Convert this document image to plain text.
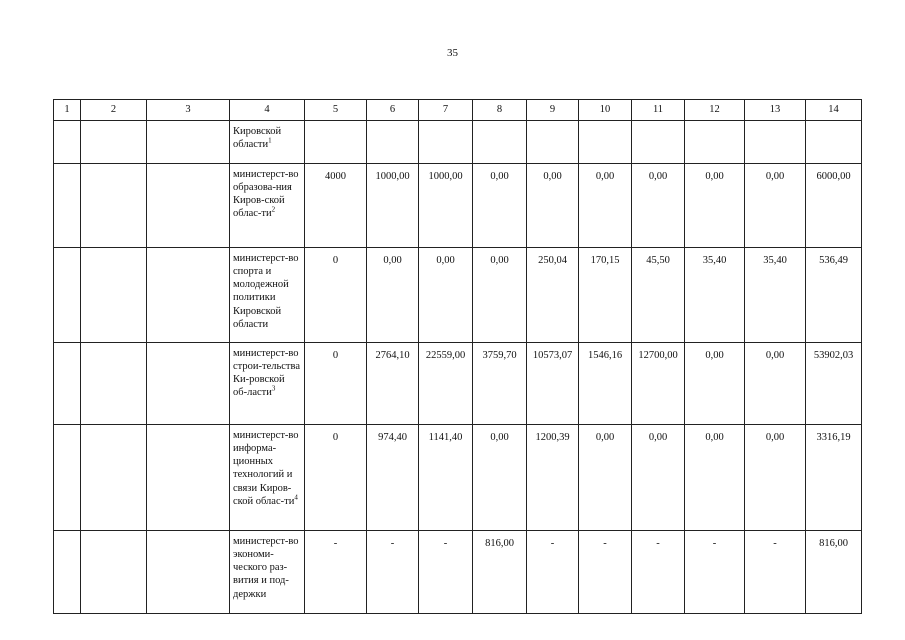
35
1	2	3	4	5	6	7	8	9	10	11	12	13	14
			Кировской области$^1$										
			министерст-во образова-ния Киров-ской облас-ти$^2$	4000	1000,00	1000,00	0,00	0,00	0,00	0,00	0,00	0,00	6000,00
			министерст-во спорта и молодежной политики Кировской области	0	0,00	0,00	0,00	250,04	170,15	45,50	35,40	35,40	536,49
			министерст-во строи-тельства Ки-ровской об-ласти$^3$	0	2764,10	22559,00	3759,70	10573,07	1546,16	12700,00	0,00	0,00	53902,03
			министерст-во информа-ционных технологий и связи Киров-ской облас-ти$^4$	0	974,40	1141,40	0,00	1200,39	0,00	0,00	0,00	0,00	3316,19
			министерст-во экономи-ческого раз-вития и под-держки	-	-	-	816,00	-	-	-	-	-	816,00
